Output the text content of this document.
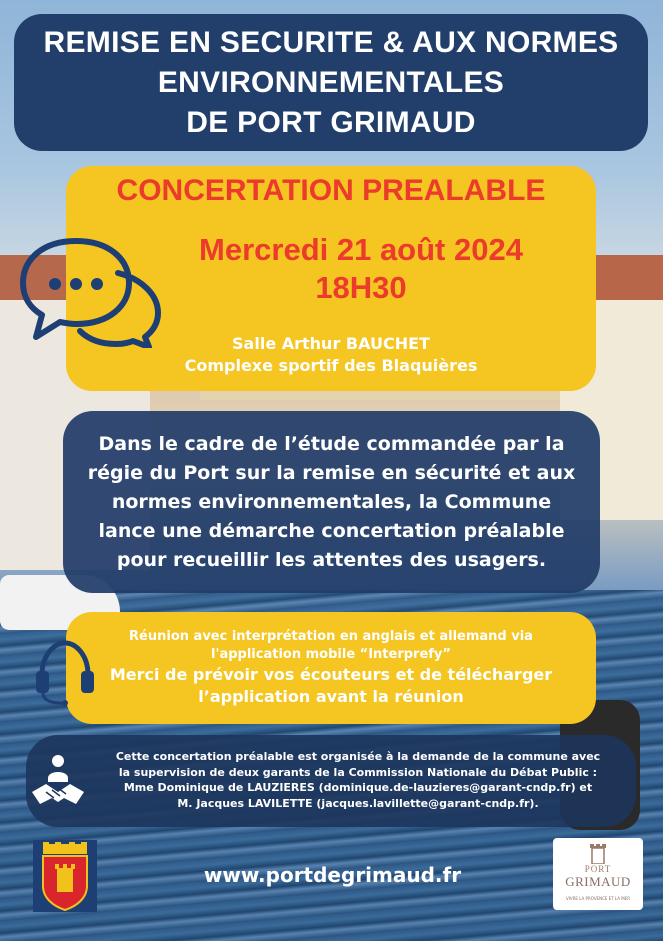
REMISE EN SECURITE & AUX NORMES
ENVIRONNEMENTALES
DE PORT GRIMAUD
CONCERTATION PREALABLE
Mercredi 21 août 2024
18H30
Salle Arthur BAUCHET
Complexe sportif des Blaquières
Dans le cadre de l’étude commandée par la
régie du Port sur la remise en sécurité et aux
normes environnementales, la Commune
lance une démarche concertation préalable
pour recueillir les attentes des usagers.
Réunion avec interprétation en anglais et allemand via
l'application mobile “Interprefy”
Merci de prévoir vos écouteurs et de télécharger
l’application avant la réunion
Cette concertation préalable est organisée à la demande de la commune avec
la supervision de deux garants de la Commission Nationale du Débat Public :
Mme Dominique de LAUZIERES (dominique.de-lauzieres@garant-cndp.fr) et
M. Jacques LAVILETTE (jacques.lavillette@garant-cndp.fr).
www.portdegrimaud.fr	PORT
GRIMAUD
VIVRE LA PROVENCE ET LA MER
